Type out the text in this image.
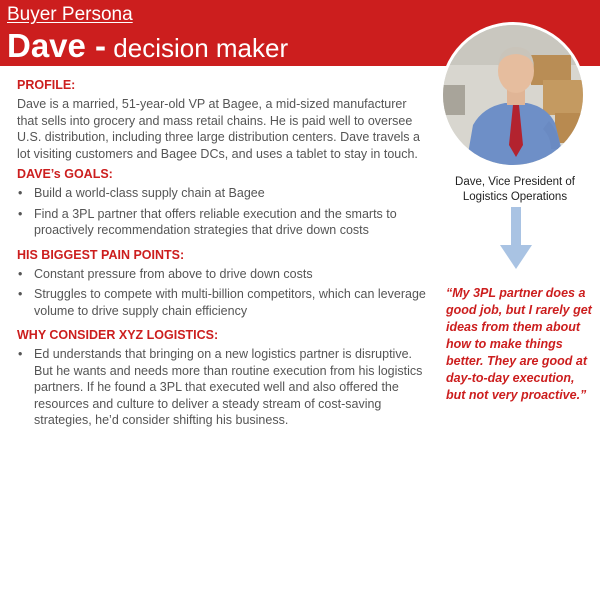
Buyer Persona
Dave - decision maker
Dave, Vice President of Logistics Operations
“My 3PL partner does a good job, but I rarely get ideas from them about how to make things better. They are good at day-to-day execution, but not very proactive.”
PROFILE:
Dave is a married, 51-year-old VP at Bagee, a mid-sized manufacturer that sells into grocery and mass retail chains. He is paid well to oversee U.S. distribution, including three large distribution centers. Dave travels a lot visiting customers and Bagee DCs, and uses a tablet to stay in touch.
DAVE’s GOALS:
• Build a world-class supply chain at Bagee
• Find a 3PL partner that offers reliable execution and the smarts to proactively recommendation strategies that drive down costs
HIS BIGGEST PAIN POINTS:
• Constant pressure from above to drive down costs
• Struggles to compete with multi-billion competitors, which can leverage volume to drive supply chain efficiency
WHY CONSIDER XYZ LOGISTICS:
• Ed understands that bringing on a new logistics partner is disruptive. But he wants and needs more than routine execution from his logistics partners. If he found a 3PL that executed well and also offered the resources and culture to deliver a steady stream of cost-saving strategies, he’d consider shifting his business.
